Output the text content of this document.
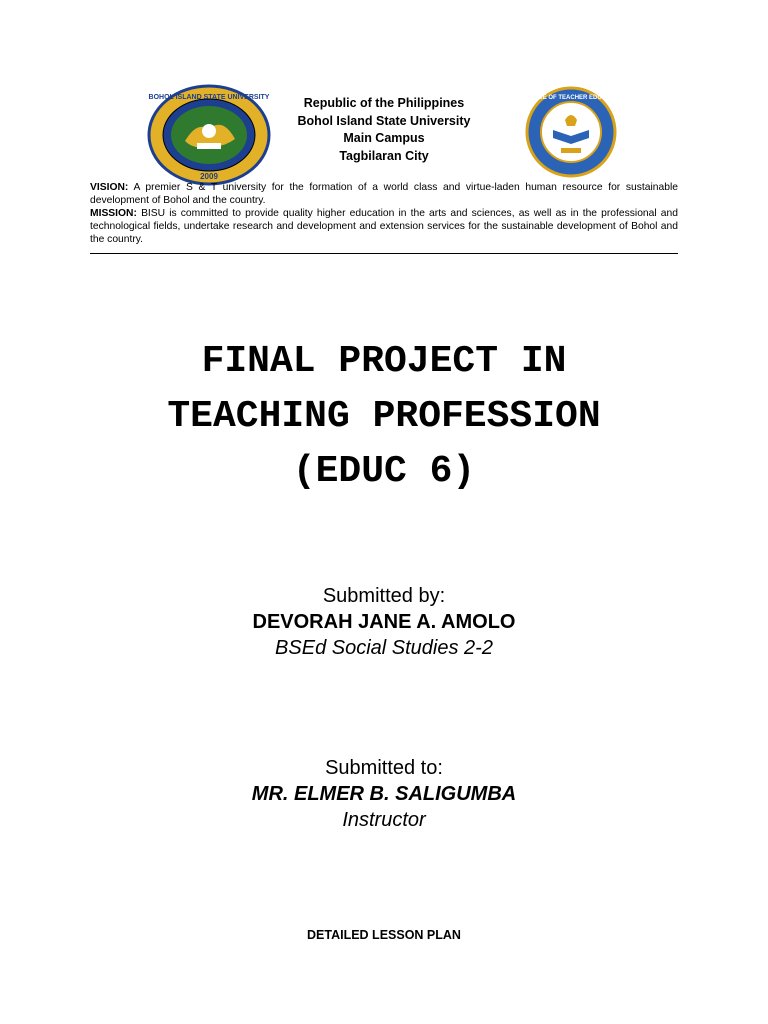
BOHOL ISLAND STATE UNIVERSITY
2009
Republic of the Philippines
Bohol Island State University
Main Campus
Tagbilaran City
COLLEGE OF TEACHER EDUCATION

VISION: A premier S & T university for the formation of a world class and virtue-laden human resource for sustainable development of Bohol and the country.

MISSION: BISU is committed to provide quality higher education in the arts and sciences, as well as in the professional and technological fields, undertake research and development and extension services for the sustainable development of Bohol and the country.

FINAL PROJECT IN
TEACHING PROFESSION
(EDUC 6)
Submitted by:
DEVORAH JANE A. AMOLO
BSEd Social Studies 2-2
Submitted to:
MR. ELMER B. SALIGUMBA
Instructor
DETAILED LESSON PLAN
